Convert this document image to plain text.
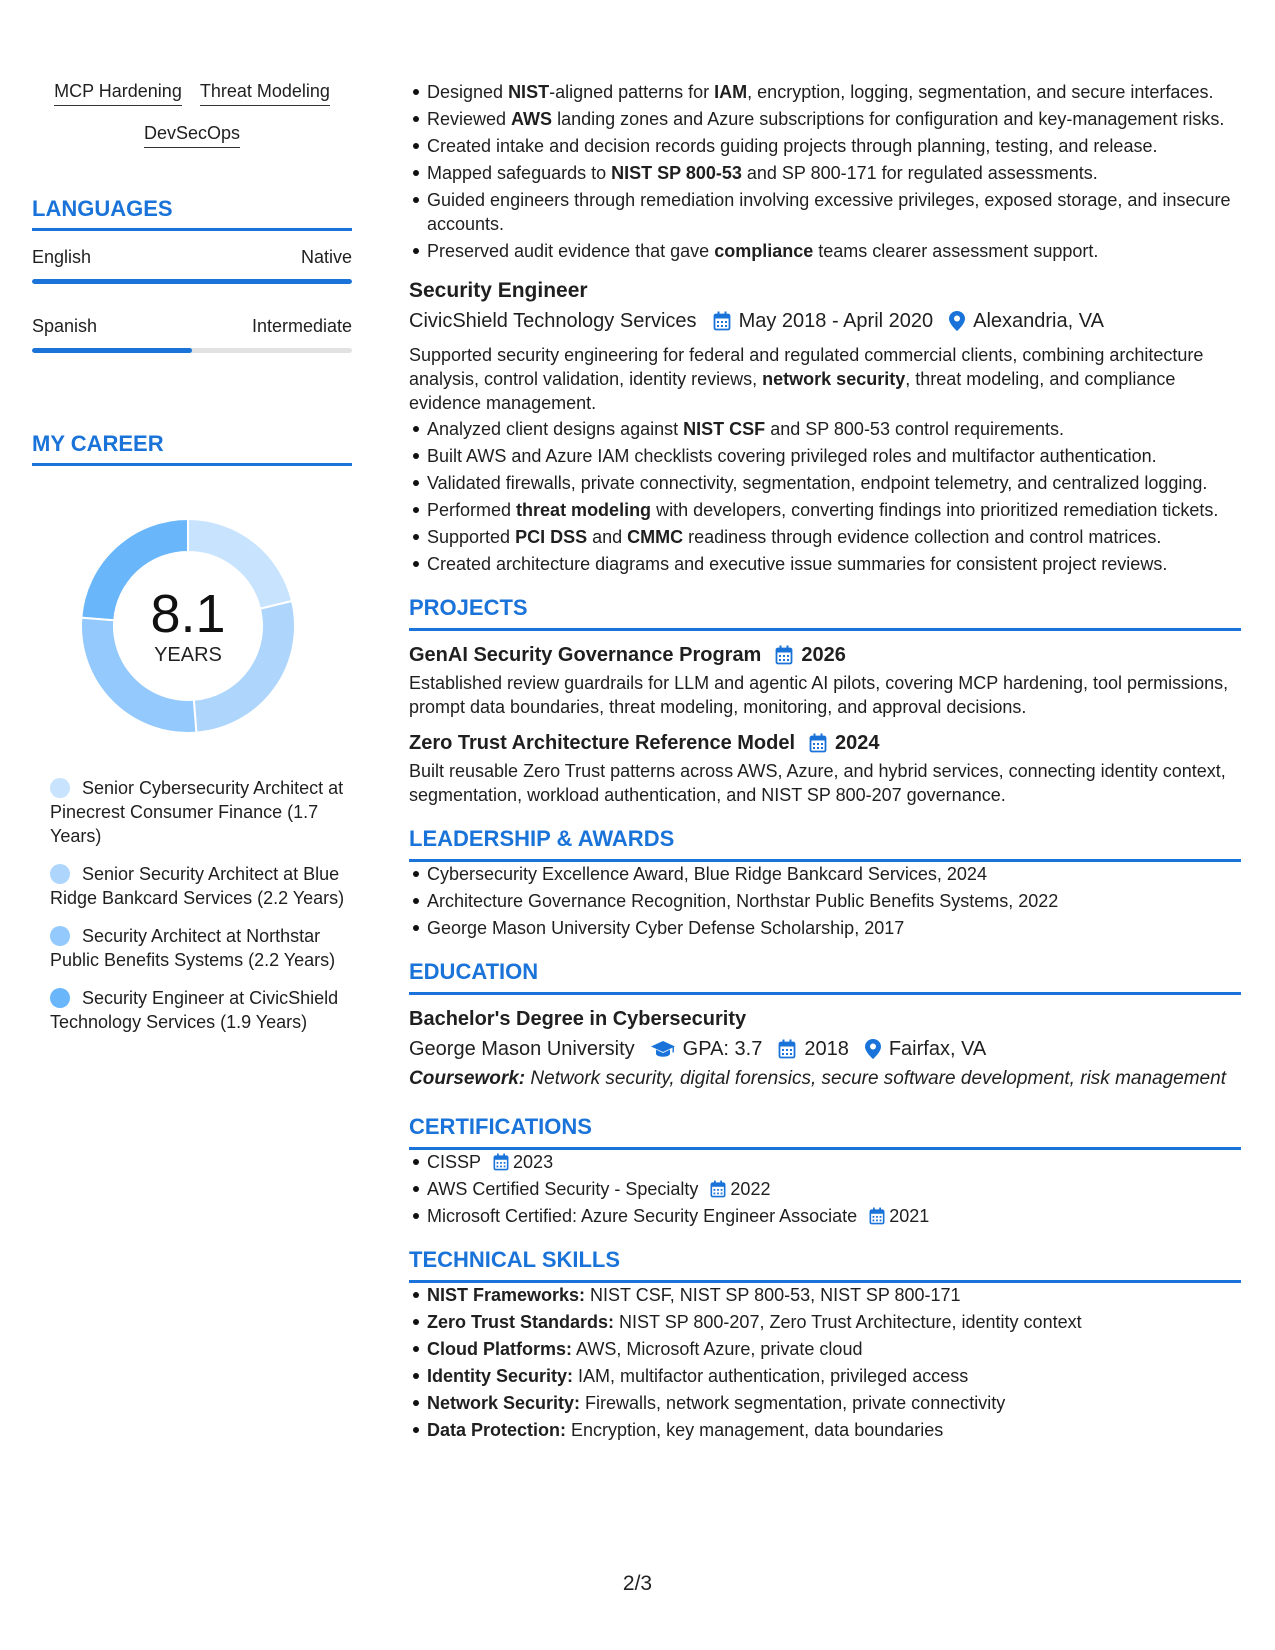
MCP Hardening Threat Modeling
DevSecOps
LANGUAGES
English	Native
Spanish	Intermediate
MY CAREER
8.1
YEARS
Senior Cybersecurity Architect at Pinecrest Consumer Finance (1.7 Years)
Senior Security Architect at Blue Ridge Bankcard Services (2.2 Years)
Security Architect at Northstar Public Benefits Systems (2.2 Years)
Security Engineer at CivicShield Technology Services (1.9 Years)
Designed NIST-aligned patterns for IAM, encryption, logging, segmentation, and secure interfaces.
Reviewed AWS landing zones and Azure subscriptions for configuration and key-management risks.
Created intake and decision records guiding projects through planning, testing, and release.
Mapped safeguards to NIST SP 800-53 and SP 800-171 for regulated assessments.
Guided engineers through remediation involving excessive privileges, exposed storage, and insecure accounts.
Preserved audit evidence that gave compliance teams clearer assessment support.
Security Engineer
CivicShield Technology Services May 2018 - April 2020 Alexandria, VA
Supported security engineering for federal and regulated commercial clients, combining architecture analysis, control validation, identity reviews, network security, threat modeling, and compliance evidence management.
Analyzed client designs against NIST CSF and SP 800-53 control requirements.
Built AWS and Azure IAM checklists covering privileged roles and multifactor authentication.
Validated firewalls, private connectivity, segmentation, endpoint telemetry, and centralized logging.
Performed threat modeling with developers, converting findings into prioritized remediation tickets.
Supported PCI DSS and CMMC readiness through evidence collection and control matrices.
Created architecture diagrams and executive issue summaries for consistent project reviews.
PROJECTS
GenAI Security Governance Program 2026
Established review guardrails for LLM and agentic AI pilots, covering MCP hardening, tool permissions, prompt data boundaries, threat modeling, monitoring, and approval decisions.
Zero Trust Architecture Reference Model 2024
Built reusable Zero Trust patterns across AWS, Azure, and hybrid services, connecting identity context, segmentation, workload authentication, and NIST SP 800-207 governance.
LEADERSHIP & AWARDS
Cybersecurity Excellence Award, Blue Ridge Bankcard Services, 2024
Architecture Governance Recognition, Northstar Public Benefits Systems, 2022
George Mason University Cyber Defense Scholarship, 2017
EDUCATION
Bachelor's Degree in Cybersecurity
George Mason University GPA: 3.7 2018 Fairfax, VA
Coursework: Network security, digital forensics, secure software development, risk management
CERTIFICATIONS
CISSP 2023
AWS Certified Security - Specialty 2022
Microsoft Certified: Azure Security Engineer Associate 2021
TECHNICAL SKILLS
NIST Frameworks: NIST CSF, NIST SP 800-53, NIST SP 800-171
Zero Trust Standards: NIST SP 800-207, Zero Trust Architecture, identity context
Cloud Platforms: AWS, Microsoft Azure, private cloud
Identity Security: IAM, multifactor authentication, privileged access
Network Security: Firewalls, network segmentation, private connectivity
Data Protection: Encryption, key management, data boundaries
2/3
